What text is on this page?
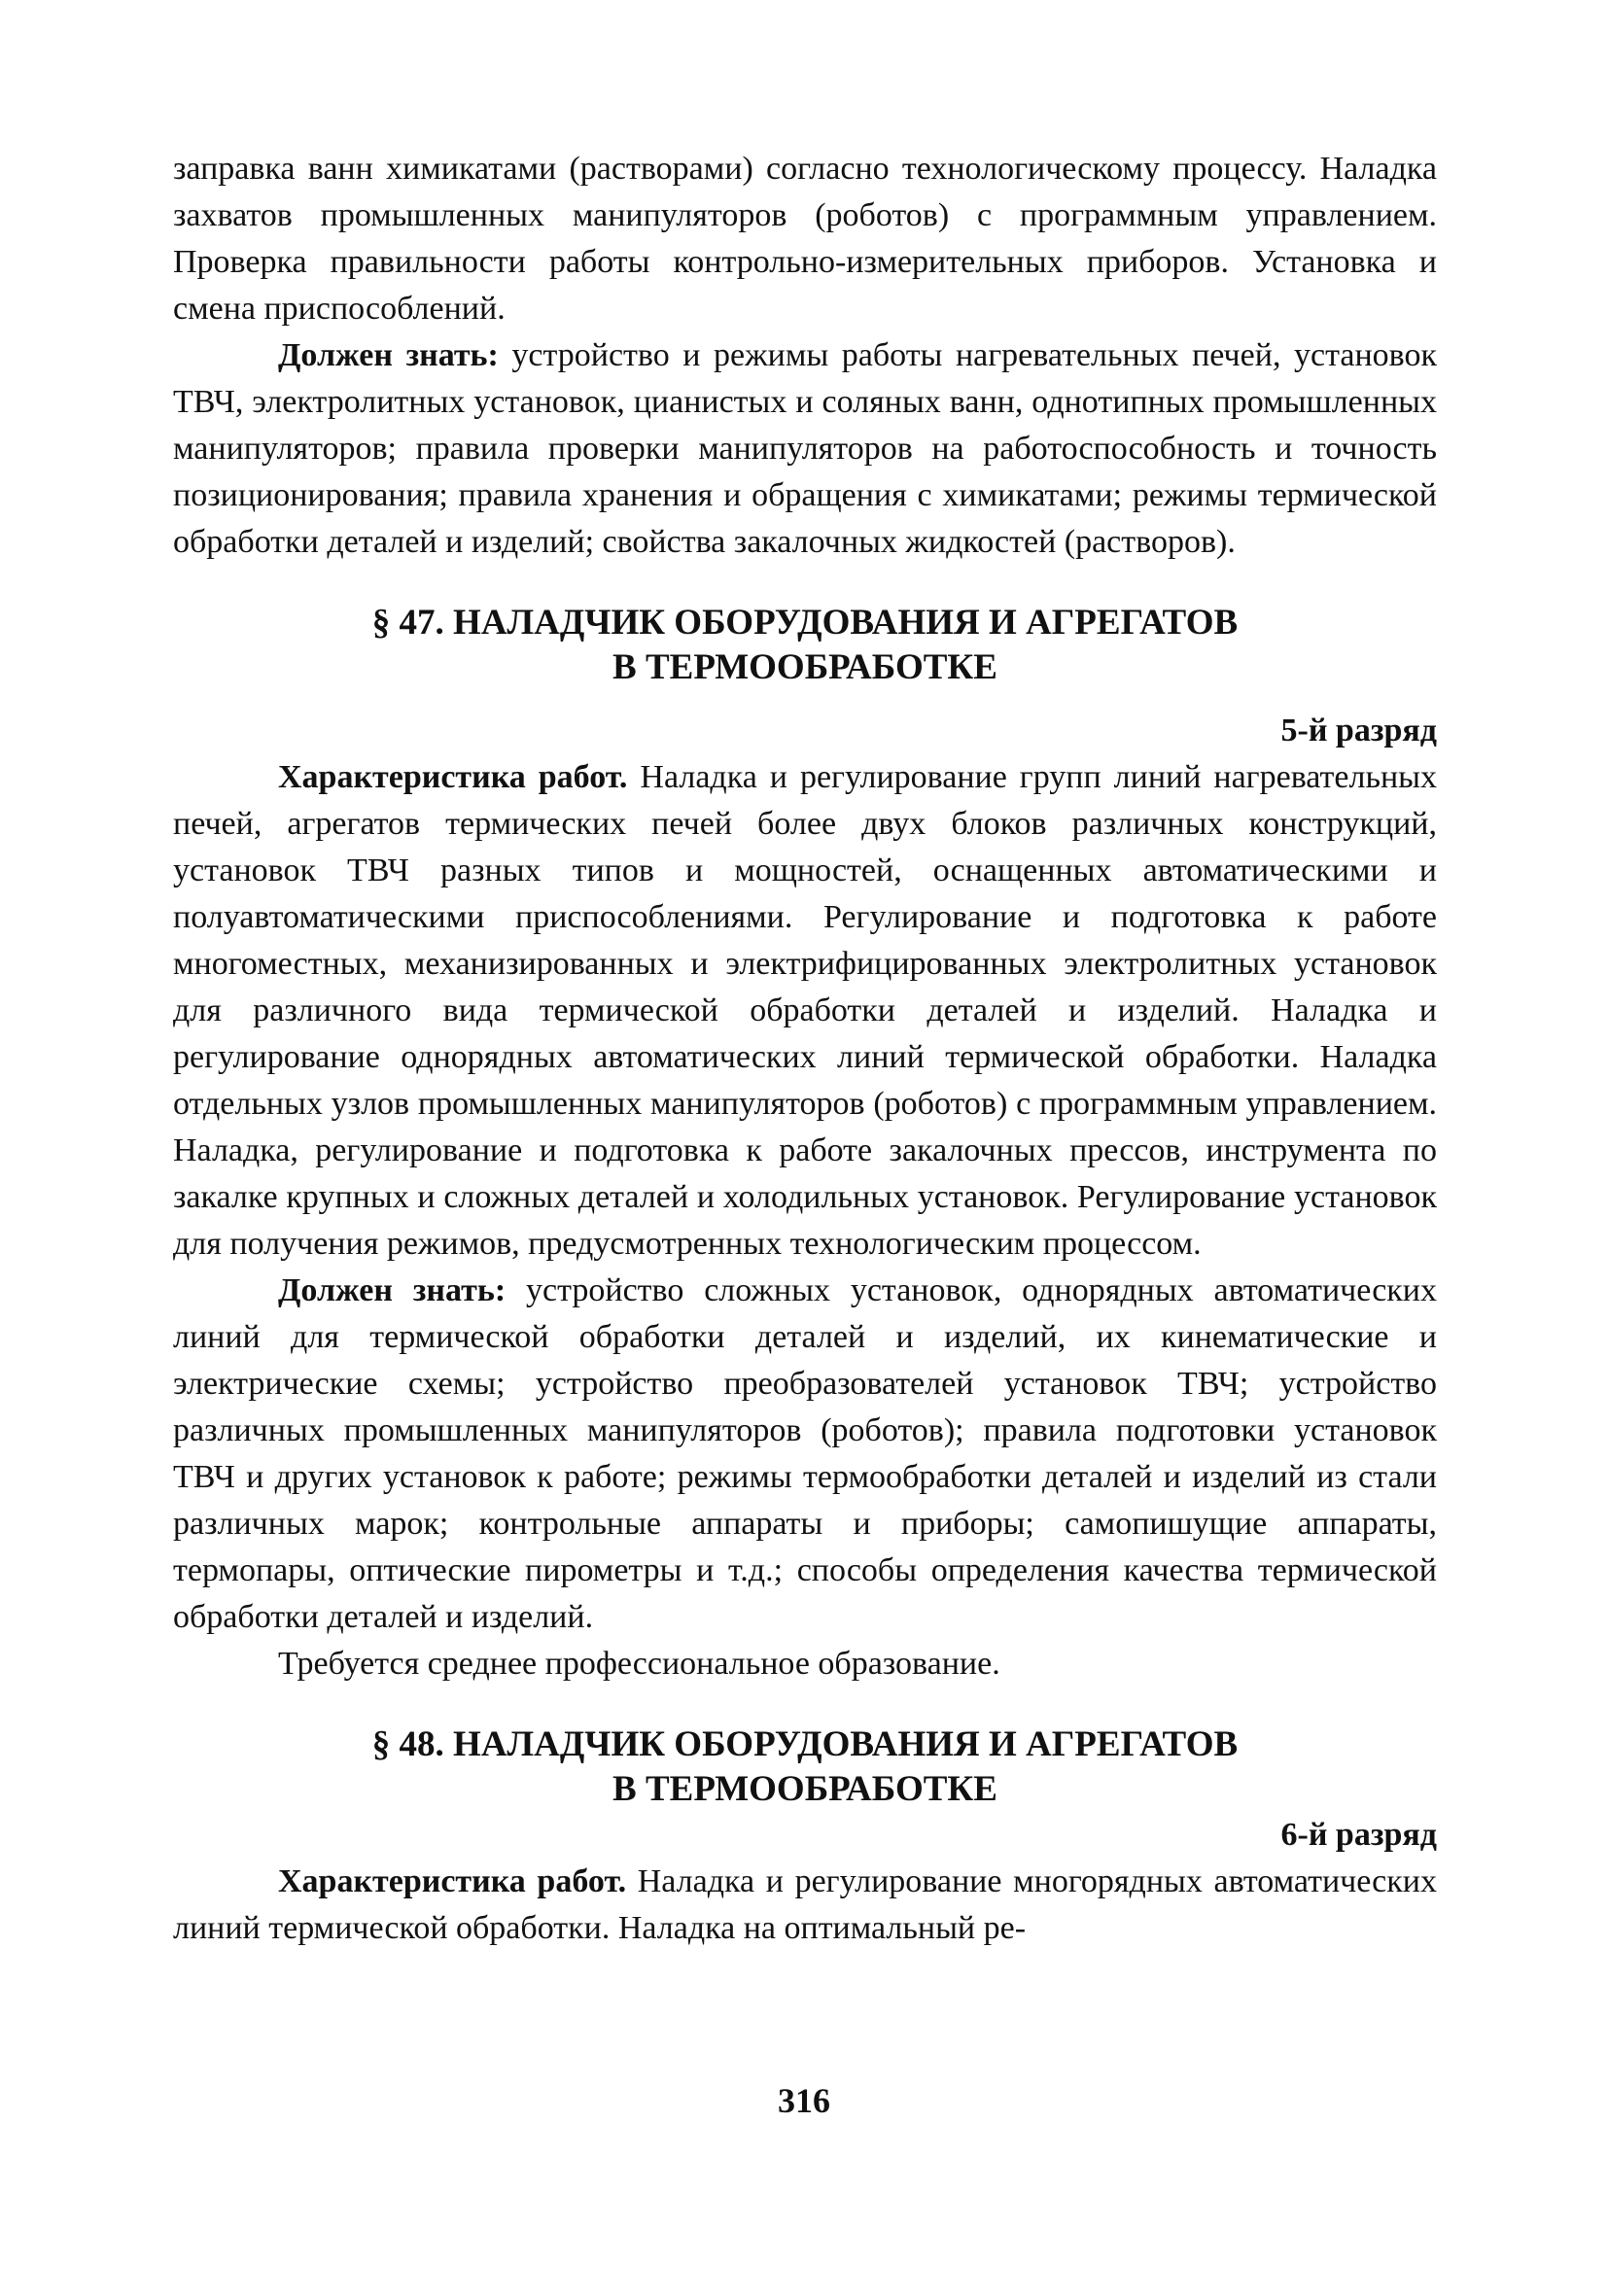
заправка ванн химикатами (растворами) согласно технологическому процессу. Наладка захватов промышленных манипуляторов (роботов) с программным управлением. Проверка правильности работы контрольно-измерительных приборов. Установка и смена приспособлений.

Должен знать: устройство и режимы работы нагревательных печей, установок ТВЧ, электролитных установок, цианистых и соляных ванн, однотипных промышленных манипуляторов; правила проверки манипуляторов на работоспособность и точность позиционирования; правила хранения и обращения с химикатами; режимы термической обработки деталей и изделий; свойства закалочных жидкостей (растворов).

§ 47. НАЛАДЧИК ОБОРУДОВАНИЯ И АГРЕГАТОВ
В ТЕРМООБРАБОТКЕ
5-й разряд

Характеристика работ. Наладка и регулирование групп линий нагревательных печей, агрегатов термических печей более двух блоков различных конструкций, установок ТВЧ разных типов и мощностей, оснащенных автоматическими и полуавтоматическими приспособлениями. Регулирование и подготовка к работе многоместных, механизированных и электрифицированных электролитных установок для различного вида термической обработки деталей и изделий. Наладка и регулирование однорядных автоматических линий термической обработки. Наладка отдельных узлов промышленных манипуляторов (роботов) с программным управлением. Наладка, регулирование и подготовка к работе закалочных прессов, инструмента по закалке крупных и сложных деталей и холодильных установок. Регулирование установок для получения режимов, предусмотренных технологическим процессом.

Должен знать: устройство сложных установок, однорядных автоматических линий для термической обработки деталей и изделий, их кинематические и электрические схемы; устройство преобразователей установок ТВЧ; устройство различных промышленных манипуляторов (роботов); правила подготовки установок ТВЧ и других установок к работе; режимы термообработки деталей и изделий из стали различных марок; контрольные аппараты и приборы; самопишущие аппараты, термопары, оптические пирометры и т.д.; способы определения качества термической обработки деталей и изделий.

Требуется среднее профессиональное образование.

§ 48. НАЛАДЧИК ОБОРУДОВАНИЯ И АГРЕГАТОВ
В ТЕРМООБРАБОТКЕ
6-й разряд

Характеристика работ. Наладка и регулирование многорядных автоматических линий термической обработки. Наладка на оптимальный ре-

316
